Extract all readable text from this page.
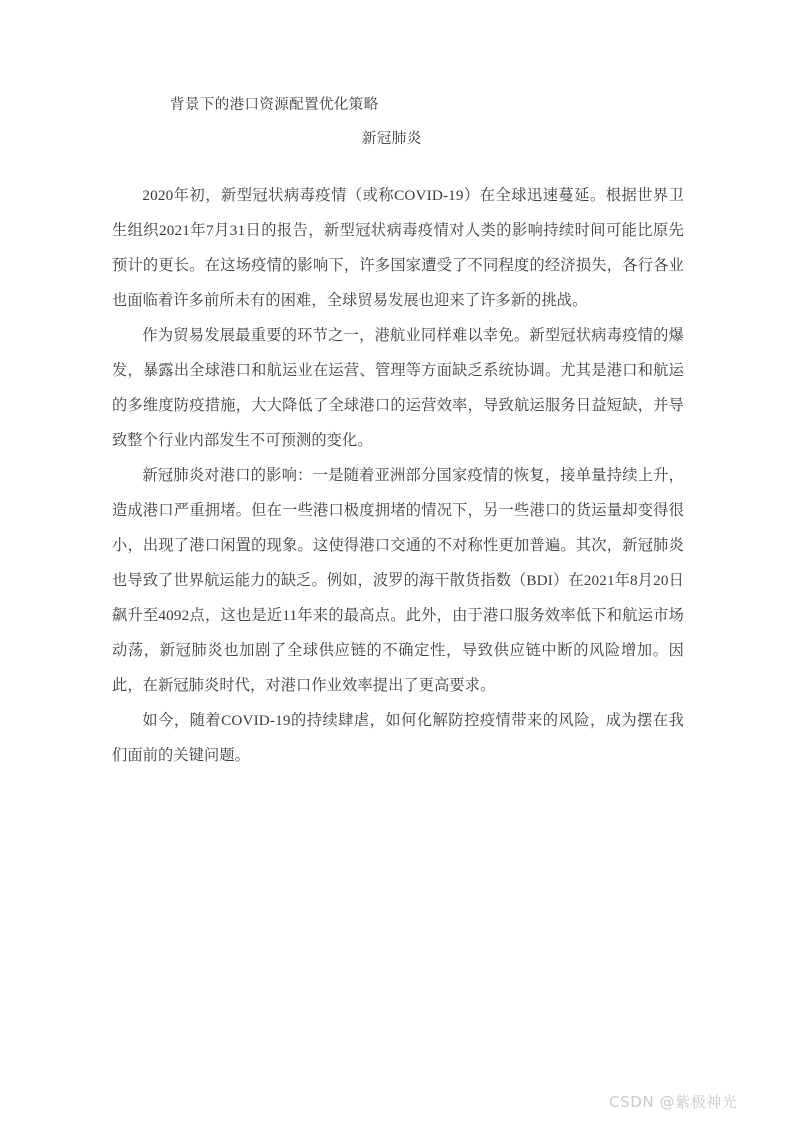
背景下的港口资源配置优化策略
新冠肺炎

2020年初，新型冠状病毒疫情（或称COVID-19）在全球迅速蔓延。根据世界卫生组织2021年7月31日的报告，新型冠状病毒疫情对人类的影响持续时间可能比原先预计的更长。在这场疫情的影响下，许多国家遭受了不同程度的经济损失，各行各业也面临着许多前所未有的困难，全球贸易发展也迎来了许多新的挑战。

作为贸易发展最重要的环节之一，港航业同样难以幸免。新型冠状病毒疫情的爆发，暴露出全球港口和航运业在运营、管理等方面缺乏系统协调。尤其是港口和航运的多维度防疫措施，大大降低了全球港口的运营效率，导致航运服务日益短缺，并导致整个行业内部发生不可预测的变化。

新冠肺炎对港口的影响：一是随着亚洲部分国家疫情的恢复，接单量持续上升，造成港口严重拥堵。但在一些港口极度拥堵的情况下，另一些港口的货运量却变得很小，出现了港口闲置的现象。这使得港口交通的不对称性更加普遍。其次，新冠肺炎也导致了世界航运能力的缺乏。例如，波罗的海干散货指数（BDI）在2021年8月20日飙升至4092点，这也是近11年来的最高点。此外，由于港口服务效率低下和航运市场动荡，新冠肺炎也加剧了全球供应链的不确定性，导致供应链中断的风险增加。因此，在新冠肺炎时代，对港口作业效率提出了更高要求。

如今，随着COVID-19的持续肆虐，如何化解防控疫情带来的风险，成为摆在我们面前的关键问题。

CSDN @紫极神光
